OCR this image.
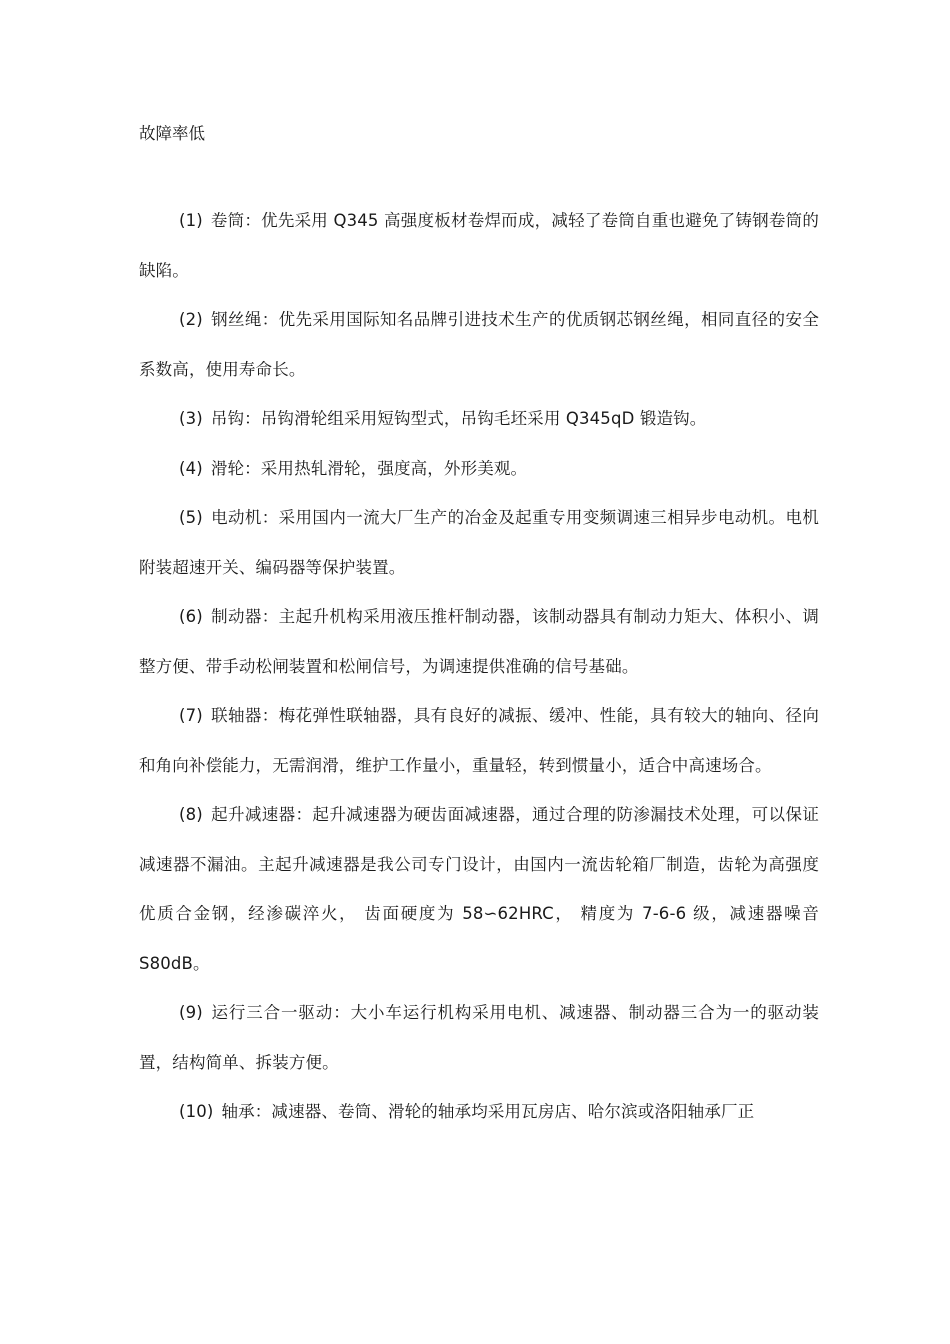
故障率低

(1) 卷筒：优先采用 Q345 高强度板材卷焊而成，减轻了卷筒自重也避免了铸钢卷筒的缺陷。

(2) 钢丝绳：优先采用国际知名品牌引进技术生产的优质钢芯钢丝绳，相同直径的安全系数高，使用寿命长。

(3) 吊钩：吊钩滑轮组采用短钩型式，吊钩毛坯采用 Q345qD 锻造钩。

(4) 滑轮：采用热轧滑轮，强度高，外形美观。

(5) 电动机：采用国内一流大厂生产的冶金及起重专用变频调速三相异步电动机。电机附装超速开关、编码器等保护装置。

(6) 制动器：主起升机构采用液压推杆制动器，该制动器具有制动力矩大、体积小、调整方便、带手动松闸装置和松闸信号，为调速提供准确的信号基础。

(7) 联轴器：梅花弹性联轴器，具有良好的减振、缓冲、性能，具有较大的轴向、径向和角向补偿能力，无需润滑，维护工作量小，重量轻，转到惯量小，适合中高速场合。

(8) 起升减速器：起升减速器为硬齿面减速器，通过合理的防渗漏技术处理，可以保证减速器不漏油。主起升减速器是我公司专门设计，由国内一流齿轮箱厂制造，齿轮为高强度优质合金钢，经渗碳淬火， 齿面硬度为 58∽62HRC， 精度为 7-6-6 级，减速器噪音 S80dB。

(9) 运行三合一驱动：大小车运行机构采用电机、减速器、制动器三合为一的驱动装置，结构简单、拆装方便。

(10) 轴承：减速器、卷筒、滑轮的轴承均采用瓦房店、哈尔滨或洛阳轴承厂正
